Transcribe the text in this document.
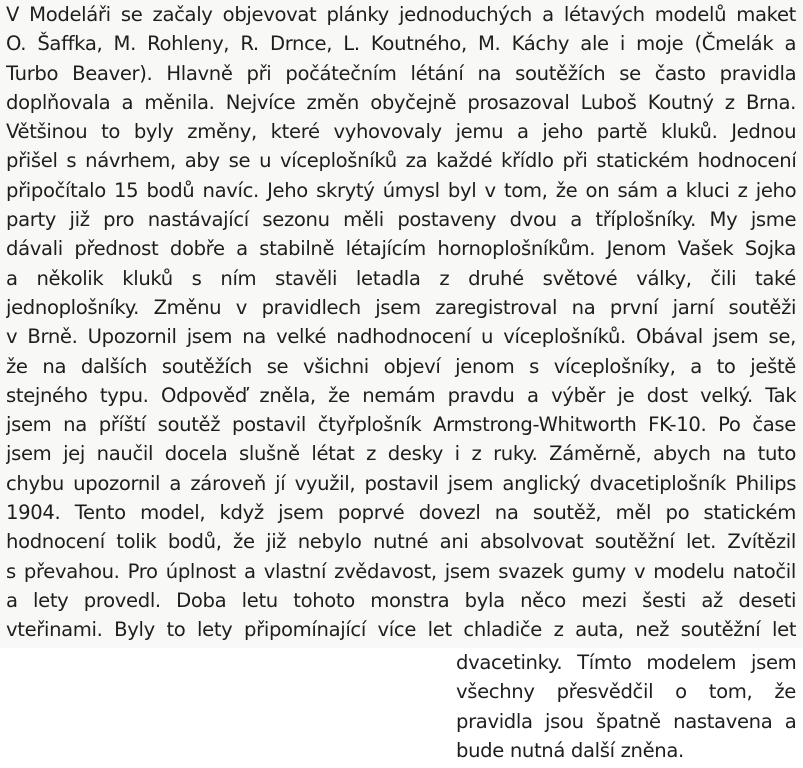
V Modeláři se začaly objevovat plánky jednoduchých a létavých modelů maket
O. Šaffka, M. Rohleny, R. Drnce, L. Koutného, M. Káchy ale i moje (Čmelák a
Turbo Beaver). Hlavně při počátečním létání na soutěžích se často pravidla
doplňovala a měnila. Nejvíce změn obyčejně prosazoval Luboš Koutný z Brna.
Většinou to byly změny, které vyhovovaly jemu a jeho partě kluků. Jednou
přišel s návrhem, aby se u víceplošníků za každé křídlo při statickém hodnocení
připočítalo 15 bodů navíc. Jeho skrytý úmysl byl v tom, že on sám a kluci z jeho
party již pro nastávající sezonu měli postaveny dvou a tříplošníky. My jsme
dávali přednost dobře a stabilně létajícím hornoplošníkům. Jenom Vašek Sojka
a několik kluků s ním stavěli letadla z druhé světové války, čili také
jednoplošníky. Změnu v pravidlech jsem zaregistroval na první jarní soutěži
v Brně. Upozornil jsem na velké nadhodnocení u víceplošníků. Obával jsem se,
že na dalších soutěžích se všichni objeví jenom s víceplošníky, a to ještě
stejného typu. Odpověď zněla, že nemám pravdu a výběr je dost velký. Tak
jsem na příští soutěž postavil čtyřplošník Armstrong-Whitworth FK-10. Po čase
jsem jej naučil docela slušně létat z desky i z ruky. Záměrně, abych na tuto
chybu upozornil a zároveň jí využil, postavil jsem anglický dvacetiplošník Philips
1904. Tento model, když jsem poprvé dovezl na soutěž, měl po statickém
hodnocení tolik bodů, že již nebylo nutné ani absolvovat soutěžní let. Zvítězil
s převahou. Pro úplnost a vlastní zvědavost, jsem svazek gumy v modelu natočil
a lety provedl. Doba letu tohoto monstra byla něco mezi šesti až deseti
vteřinami. Byly to lety připomínající více let chladiče z auta, než soutěžní let
dvacetinky. Tímto modelem jsem
všechny přesvědčil o tom, že
pravidla jsou špatně nastavena a
bude nutná další zněna.
